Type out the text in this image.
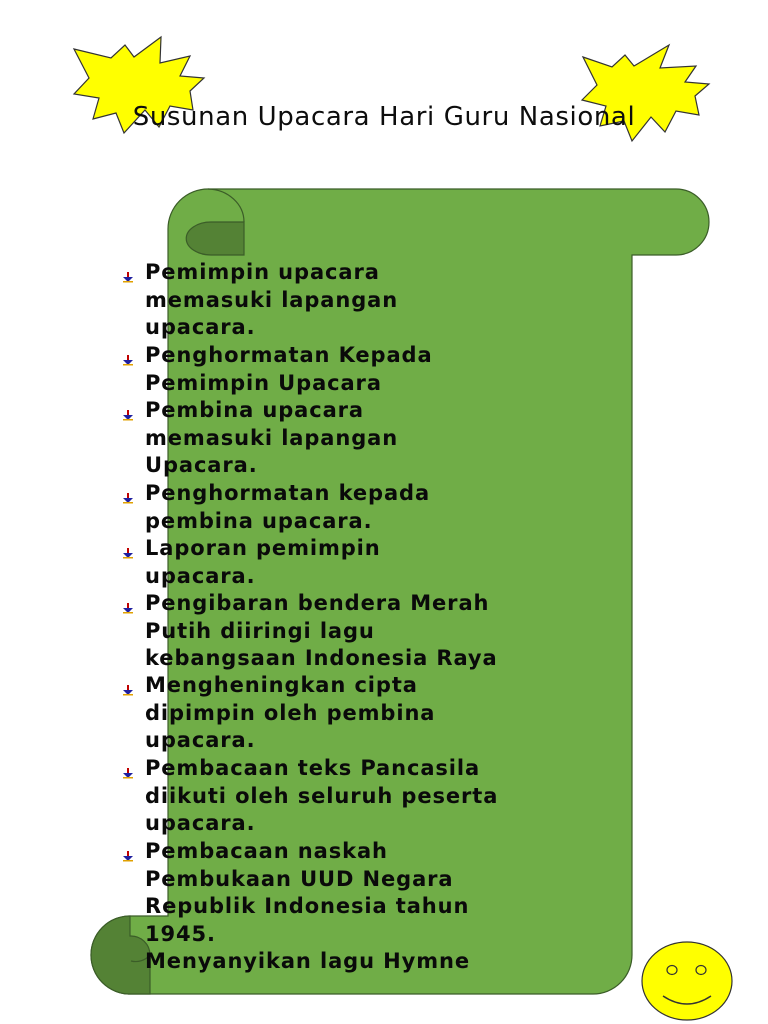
Susunan Upacara Hari Guru Nasional

Pemimpin upacara
memasuki lapangan
upacara.

Penghormatan Kepada
Pemimpin Upacara

Pembina upacara
memasuki lapangan
Upacara.

Penghormatan kepada
pembina upacara.

Laporan pemimpin
upacara.

Pengibaran bendera Merah
Putih diiringi lagu
kebangsaan Indonesia Raya

Mengheningkan cipta
dipimpin oleh pembina
upacara.

Pembacaan teks Pancasila
diikuti oleh seluruh peserta
upacara.

Pembacaan naskah
Pembukaan UUD Negara
Republik Indonesia tahun
1945.

Menyanyikan lagu Hymne
